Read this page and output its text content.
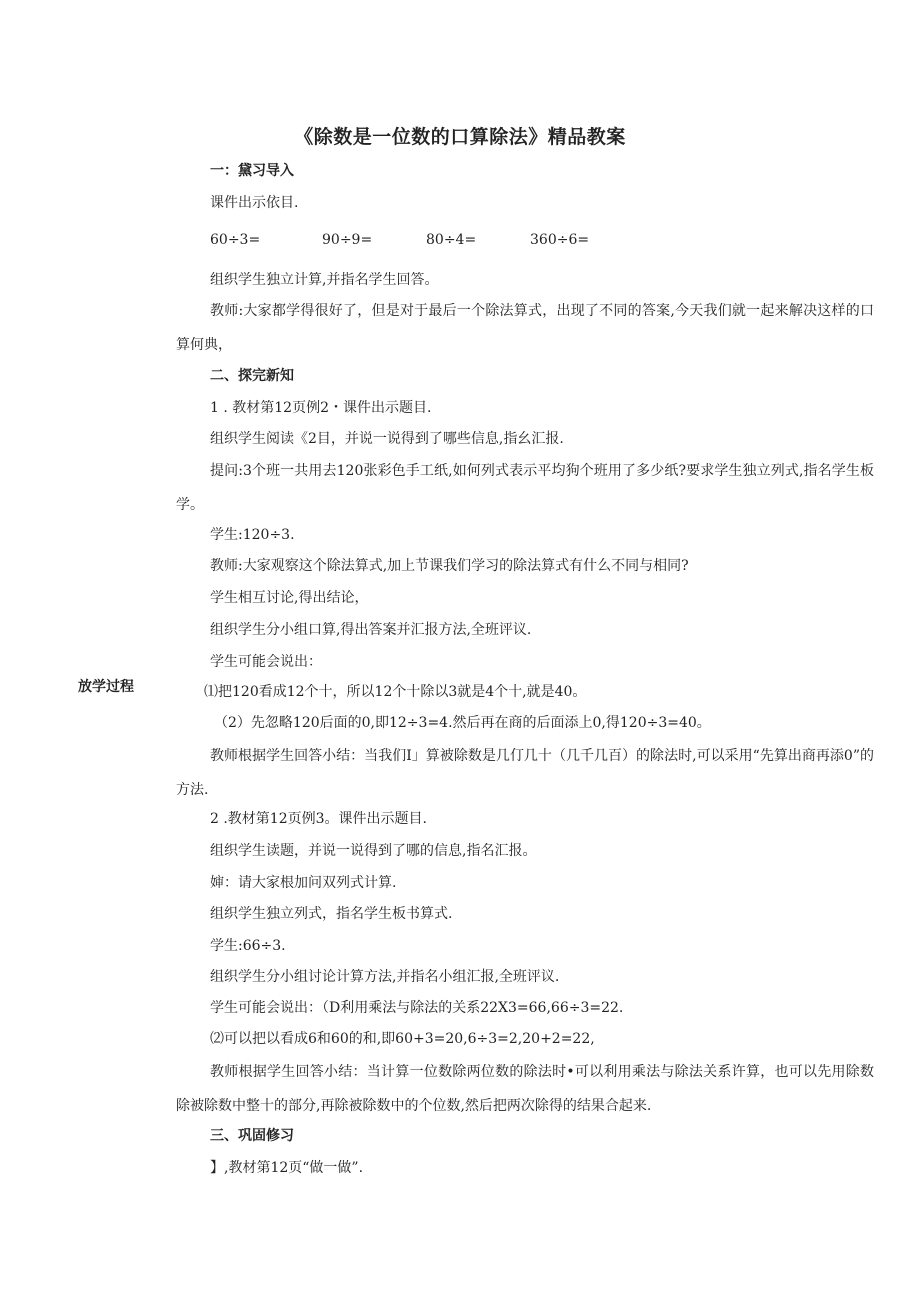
《除数是一位数的口算除法》精品教案
放学过程
一：黛习导入
课件出示依目.
60÷3=	90÷9=	80÷4=	360÷6=
组织学生独立计算,并指名学生回答。
教师:大家都学得很好了，但是对于最后一个除法算式，出现了不同的答案,今天我们就一起来解决这样的口算何典，
二、探完新知
1 . 教材第12页例2・课件出示题目.
组织学生阅读《2目，并说一说得到了哪些信息,指幺汇报.
提问:3个班一共用去120张彩色手工纸,如何列式表示平均狗个班用了多少纸?要求学生独立列式,指名学生板学。
学生:120÷3.
教师:大家观察这个除法算式,加上节课我们学习的除法算式有什么不同与相同?
学生相互讨论,得出结论，
组织学生分小组口算,得出答案并汇报方法,全班评议.
学生可能会说出：
⑴把120看成12个十，所以12个十除以3就是4个十,就是40。
（2）先忽略120后面的0,即12÷3=4.然后再在商的后面添上0,得120÷3=40。
教师根据学生回答小结：当我们I」算被除数是几仃几十（几千几百）的除法时,可以采用“先算出商再添0”的方法.
2 .教材第12页例3。课件出示题目.
组织学生读题，并说一说得到了哪的信息,指名汇报。
婶：请大家根加问双列式计算.
组织学生独立列式，指名学生板书算式.
学生:66÷3.
组织学生分小组讨论计算方法,并指名小组汇报,全班评议.
学生可能会说出：（D利用乘法与除法的关系22X3=66,66÷3=22.
⑵可以把以看成6和60的和,即60+3=20,6÷3=2,20+2=22,
教师根据学生回答小结：当计算一位数除两位数的除法时•可以利用乘法与除法关系许算，也可以先用除数除被除数中整十的部分,再除被除数中的个位数,然后把两次除得的结果合起来.
三、巩固修习
】,教材第12页“做一做”.
